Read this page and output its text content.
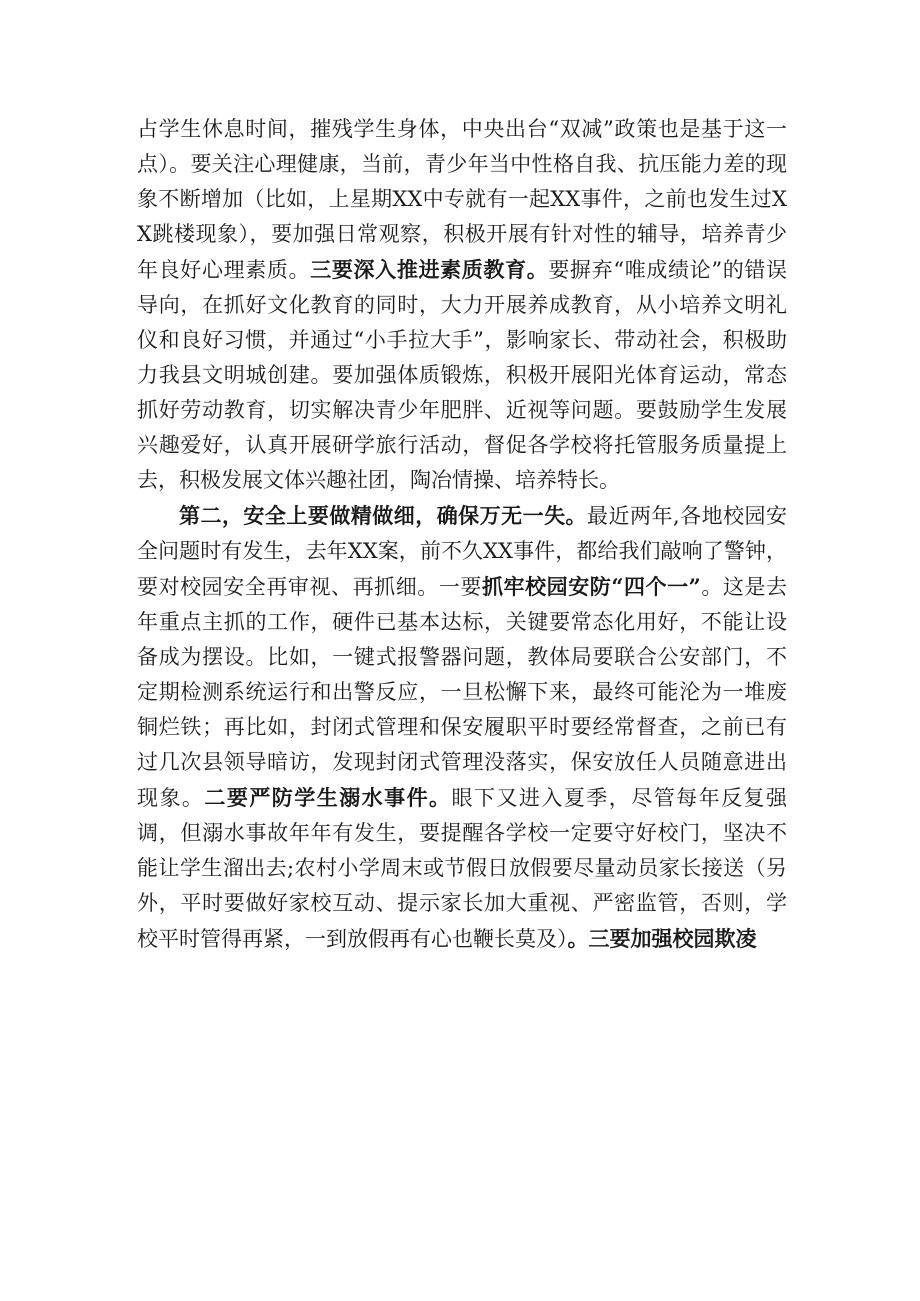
占学生休息时间，摧残学生身体，中央出台“双减”政策也是基于这一点）。要关注心理健康，当前，青少年当中性格自我、抗压能力差的现象不断增加（比如，上星期XX中专就有一起XX事件，之前也发生过XX跳楼现象），要加强日常观察，积极开展有针对性的辅导，培养青少年良好心理素质。三要深入推进素质教育。要摒弃“唯成绩论”的错误导向，在抓好文化教育的同时，大力开展养成教育，从小培养文明礼仪和良好习惯，并通过“小手拉大手”，影响家长、带动社会，积极助力我县文明城创建。要加强体质锻炼，积极开展阳光体育运动，常态抓好劳动教育，切实解决青少年肥胖、近视等问题。要鼓励学生发展兴趣爱好，认真开展研学旅行活动，督促各学校将托管服务质量提上去，积极发展文体兴趣社团，陶冶情操、培养特长。

第二，安全上要做精做细，确保万无一失。最近两年,各地校园安全问题时有发生，去年XX案，前不久XX事件，都给我们敲响了警钟，要对校园安全再审视、再抓细。一要抓牢校园安防“四个一”。这是去年重点主抓的工作，硬件已基本达标，关键要常态化用好，不能让设备成为摆设。比如，一键式报警器问题，教体局要联合公安部门，不定期检测系统运行和出警反应，一旦松懈下来，最终可能沦为一堆废铜烂铁；再比如，封闭式管理和保安履职平时要经常督查，之前已有过几次县领导暗访，发现封闭式管理没落实，保安放任人员随意进出现象。二要严防学生溺水事件。眼下又进入夏季，尽管每年反复强调，但溺水事故年年有发生，要提醒各学校一定要守好校门，坚决不能让学生溜出去;农村小学周末或节假日放假要尽量动员家长接送（另外，平时要做好家校互动、提示家长加大重视、严密监管，否则，学校平时管得再紧，一到放假再有心也鞭长莫及）。三要加强校园欺凌
